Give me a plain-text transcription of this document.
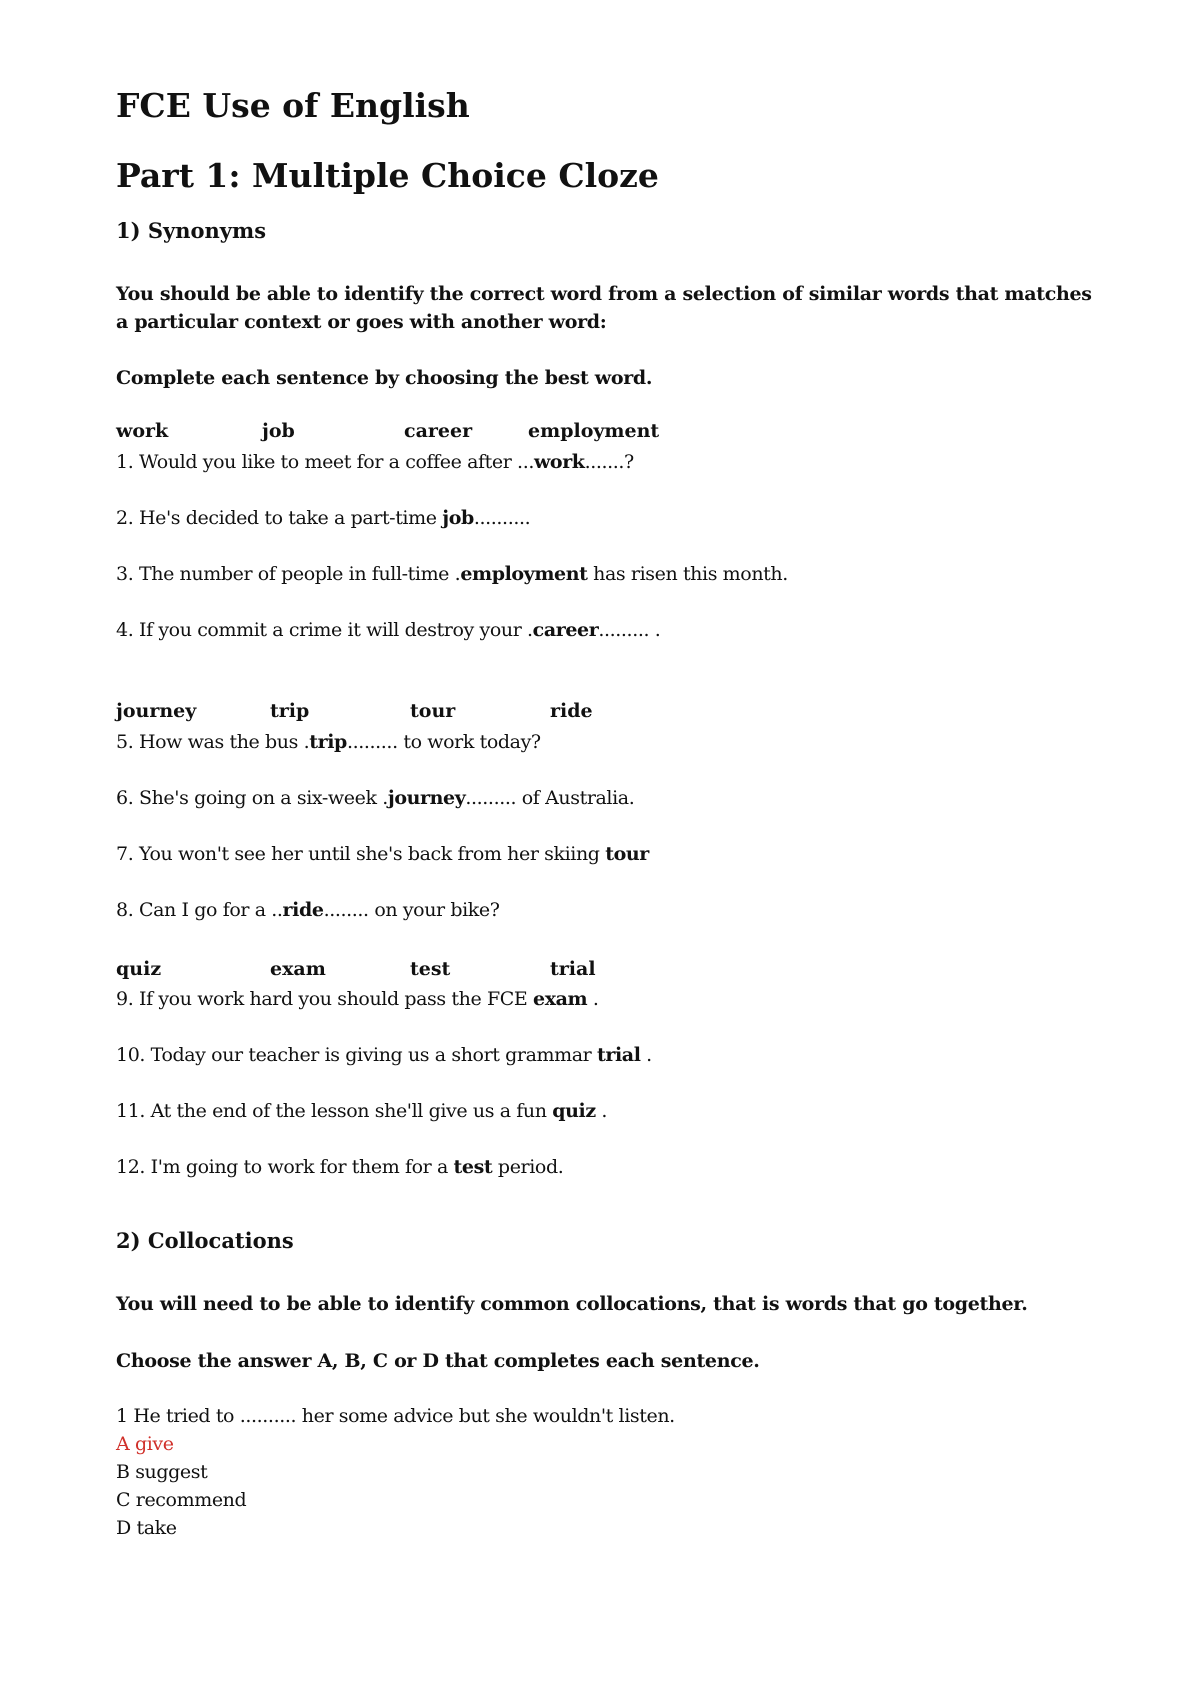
FCE Use of English
Part 1: Multiple Choice Cloze
1) Synonyms

You should be able to identify the correct word from a selection of similar words that matches a particular context or goes with another word:

Complete each sentence by choosing the best word.

work	job	career	employment

1. Would you like to meet for a coffee after ...work.......?

2. He's decided to take a part-time job..........

3. The number of people in full-time .employment has risen this month.

4. If you commit a crime it will destroy your .career......... .

journey	trip	tour	ride

5. How was the bus .trip......... to work today?

6. She's going on a six-week .journey......... of Australia.

7. You won't see her until she's back from her skiing tour

8. Can I go for a ..ride........ on your bike?

quiz	exam	test	trial

9. If you work hard you should pass the FCE exam .

10. Today our teacher is giving us a short grammar trial .

11. At the end of the lesson she'll give us a fun quiz .

12. I'm going to work for them for a test period.

2) Collocations

You will need to be able to identify common collocations, that is words that go together.

Choose the answer A, B, C or D that completes each sentence.

1 He tried to .......... her some advice but she wouldn't listen.

A give

B suggest

C recommend

D take
